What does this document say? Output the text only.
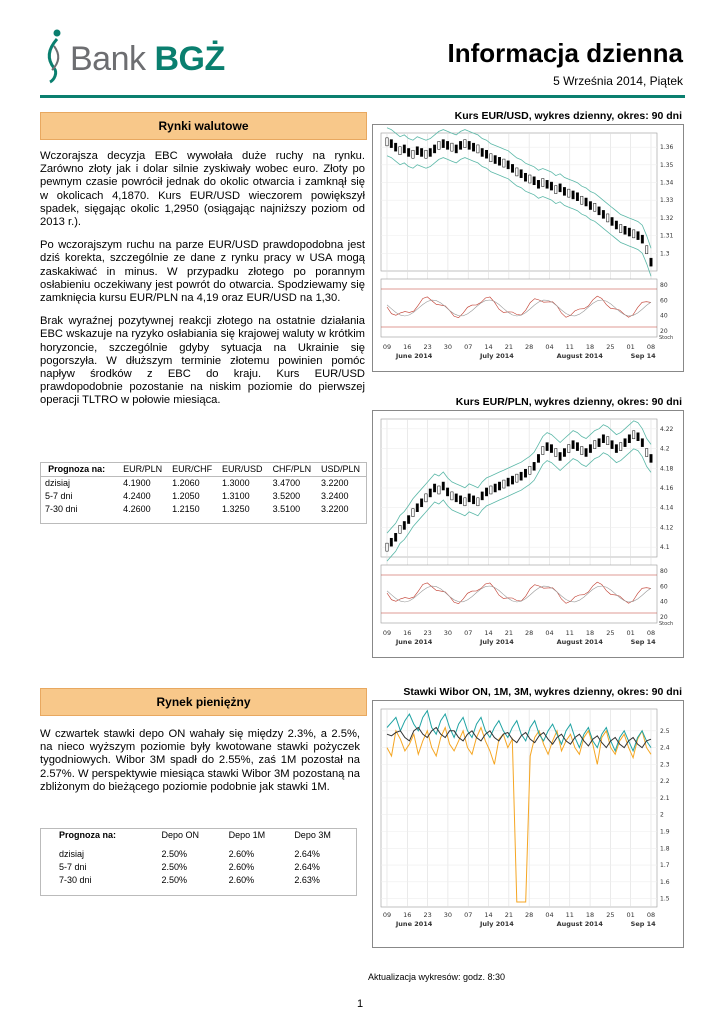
Bank BGŻ	Informacja dzienna
5 Września 2014, Piątek
Rynki walutowe

Wczorajsza decyzja EBC wywołała duże ruchy na rynku. Zarówno złoty jak i dolar silnie zyskiwały wobec euro. Złoty po pewnym czasie powrócił jednak do okolic otwarcia i zamknął się w okolicach 4,1870. Kurs EUR/USD wieczorem powiększył spadek, sięgając okolic 1,2950 (osiągając najniższy poziom od 2013 r.).

Po wczorajszym ruchu na parze EUR/USD prawdopodobna jest dziś korekta, szczególnie ze dane z rynku pracy w USA mogą zaskakiwać in minus. W przypadku złotego po porannym osłabieniu oczekiwany jest powrót do otwarcia. Spodziewamy się zamknięcia kursu EUR/PLN na 4,19 oraz EUR/USD na 1,30.

Brak wyraźnej pozytywnej reakcji złotego na ostatnie działania EBC wskazuje na ryzyko osłabiania się krajowej waluty w krótkim horyzoncie, szczególnie gdyby sytuacja na Ukrainie się pogorszyła. W dłuższym terminie złotemu powinien pomóc napływ środków z EBC do kraju. Kurs EUR/USD prawdopodobnie pozostanie na niskim poziomie do pierwszej operacji TLTRO w połowie miesiąca.

Prognoza na:	EUR/PLN	EUR/CHF	EUR/USD	CHF/PLN	USD/PLN
dzisiaj	4.1900	1.2060	1.3000	3.4700	3.2200
5-7 dni	4.2400	1.2050	1.3100	3.5200	3.2400
7-30 dni	4.2600	1.2150	1.3250	3.5100	3.2200
Rynek pieniężny

W czwartek stawki depo ON wahały się między 2.3%, a 2.5%, na nieco wyższym poziomie były kwotowane stawki pożyczek tygodniowych. Wibor 3M spadł do 2.55%, zaś 1M pozostał na 2.57%. W perspektywie miesiąca stawki Wibor 3M pozostaną na zbliżonym do bieżącego poziomie podobnie jak stawki 1M.

Prognoza na:	Depo ON	Depo 1M	Depo 3M
dzisiaj	2.50%	2.60%	2.64%
5-7 dni	2.50%	2.60%	2.64%
7-30 dni	2.50%	2.60%	2.63%
Kurs EUR/USD, wykres dzienny, okres: 90 dni
09 16 23 30 07 14 21 28 04 11 18 25 01 08
June 2014	July 2014	August 2014	Sep 14
1.36
1.35
1.34
1.33
1.32
1.31
1.3
80
60
40
20
Stoch
Kurs EUR/PLN, wykres dzienny, okres: 90 dni
09 16 23 30 07 14 21 28 04 11 18 25 01 08
June 2014	July 2014	August 2014	Sep 14
4.22
4.2
4.18
4.16
4.14
4.12
4.1
80
60
40
20
Stoch
Stawki Wibor ON, 1M, 3M, wykres dzienny, okres: 90 dni
09 16 23 30 07 14 21 28 04 11 18 25 01 08
June 2014	July 2014	August 2014	Sep 14
2.5
2.4
2.3
2.2
2.1
2
1.9
1.8
1.7
1.6
1.5
Aktualizacja wykresów: godz. 8:30
1
